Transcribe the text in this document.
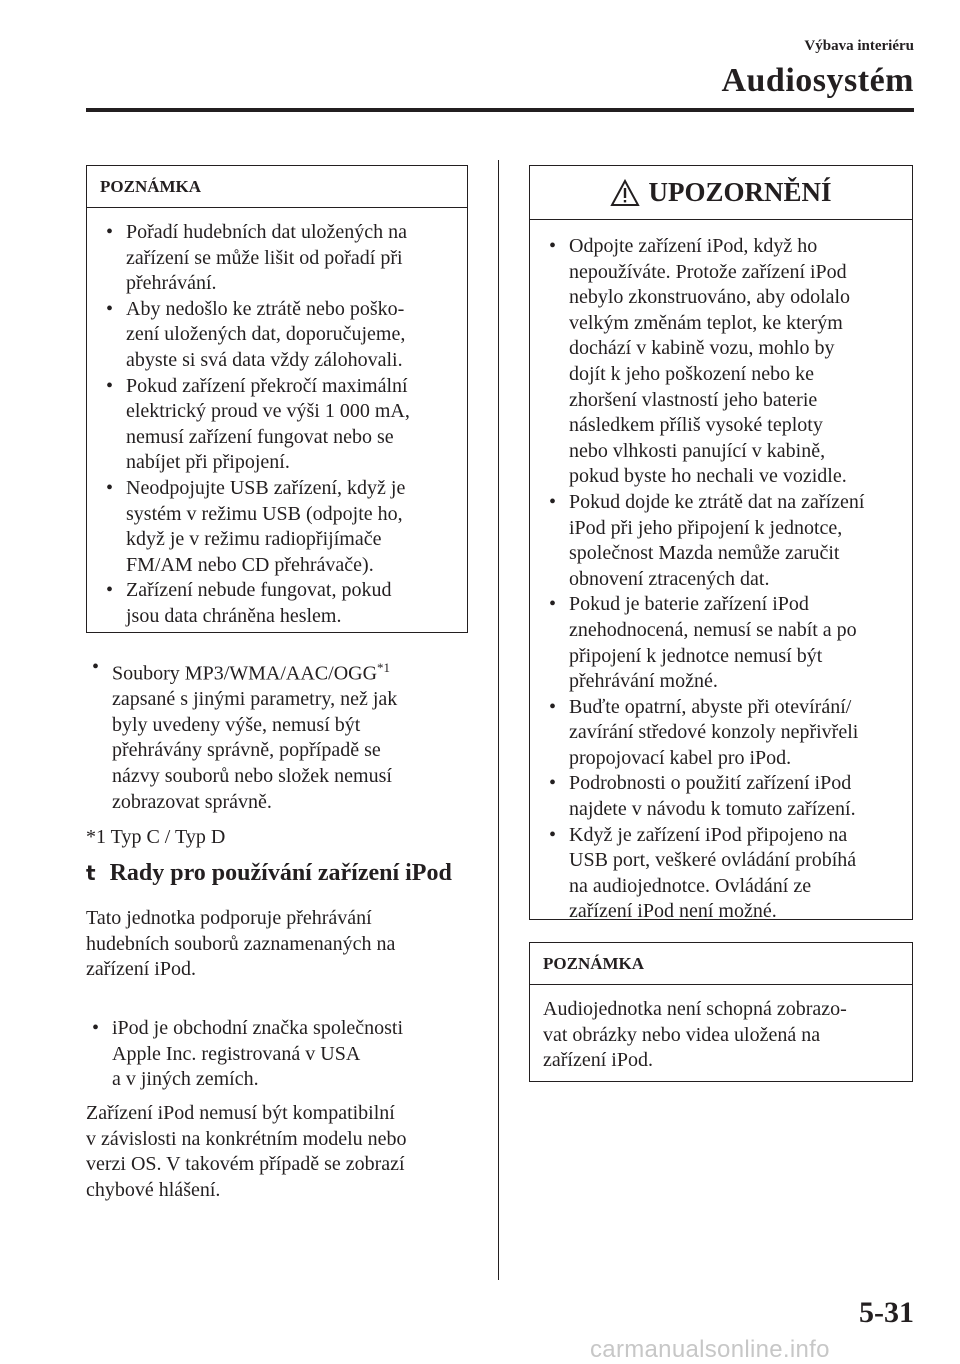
Výbava interiéru
Audiosystém
POZNÁMKA
• Pořadí hudebních dat uložených na
zařízení se může lišit od pořadí při
přehrávání.
• Aby nedošlo ke ztrátě nebo poško-
zení uložených dat, doporučujeme,
abyste si svá data vždy zálohovali.
• Pokud zařízení překročí maximální
elektrický proud ve výši 1 000 mA,
nemusí zařízení fungovat nebo se
nabíjet při připojení.
• Neodpojujte USB zařízení, když je
systém v režimu USB (odpojte ho,
když je v režimu radiopřijímače
FM/AM nebo CD přehrávače).
• Zařízení nebude fungovat, pokud
jsou data chráněna heslem.
• Soubory MP3/WMA/AAC/OGG$^{*1}$
zapsané s jinými parametry, než jak
byly uvedeny výše, nemusí být
přehrávány správně, popřípadě se
názvy souborů nebo složek nemusí
zobrazovat správně.
*1 Typ C / Typ D
t Rady pro používání zařízení iPod
Tato jednotka podporuje přehrávání
hudebních souborů zaznamenaných na
zařízení iPod.
• iPod je obchodní značka společnosti
Apple Inc. registrovaná v USA
a v jiných zemích.
Zařízení iPod nemusí být kompatibilní
v závislosti na konkrétním modelu nebo
verzi OS. V takovém případě se zobrazí
chybové hlášení.
UPOZORNĚNÍ
• Odpojte zařízení iPod, když ho
nepoužíváte. Protože zařízení iPod
nebylo zkonstruováno, aby odolalo
velkým změnám teplot, ke kterým
dochází v kabině vozu, mohlo by
dojít k jeho poškození nebo ke
zhoršení vlastností jeho baterie
následkem příliš vysoké teploty
nebo vlhkosti panující v kabině,
pokud byste ho nechali ve vozidle.
• Pokud dojde ke ztrátě dat na zařízení
iPod při jeho připojení k jednotce,
společnost Mazda nemůže zaručit
obnovení ztracených dat.
• Pokud je baterie zařízení iPod
znehodnocená, nemusí se nabít a po
připojení k jednotce nemusí být
přehrávání možné.
• Buďte opatrní, abyste při otevírání/
zavírání středové konzoly nepřivřeli
propojovací kabel pro iPod.
• Podrobnosti o použití zařízení iPod
najdete v návodu k tomuto zařízení.
• Když je zařízení iPod připojeno na
USB port, veškeré ovládání probíhá
na audiojednotce. Ovládání ze
zařízení iPod není možné.
POZNÁMKA
Audiojednotka není schopná zobrazo-
vat obrázky nebo videa uložená na
zařízení iPod.
5-31
carmanualsonline.info
